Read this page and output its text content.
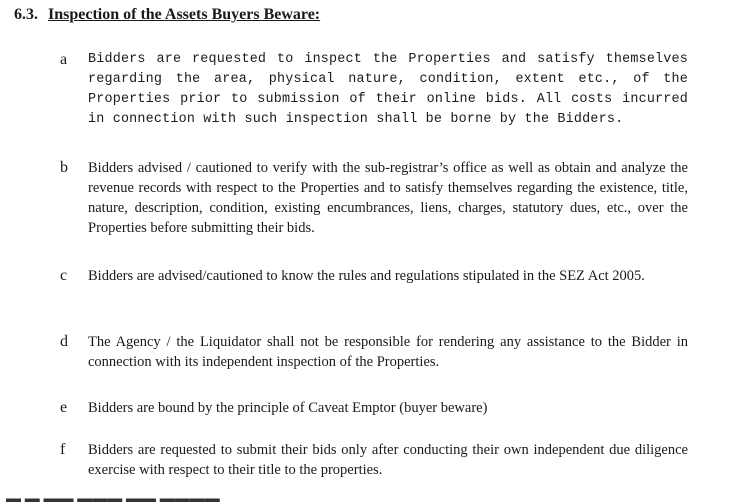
6.3. Inspection of the Assets Buyers Beware:
a Bidders are requested to inspect the Properties and satisfy themselves regarding the area, physical nature, condition, extent etc., of the Properties prior to submission of their online bids. All costs incurred in connection with such inspection shall be borne by the Bidders.
b Bidders advised / cautioned to verify with the sub-registrar’s office as well as obtain and analyze the revenue records with respect to the Properties and to satisfy themselves regarding the existence, title, nature, description, condition, existing encumbrances, liens, charges, statutory dues, etc., over the Properties before submitting their bids.
c Bidders are advised/cautioned to know the rules and regulations stipulated in the SEZ Act 2005.
d The Agency / the Liquidator shall not be responsible for rendering any assistance to the Bidder in connection with its independent inspection of the Properties.
e Bidders are bound by the principle of Caveat Emptor (buyer beware)
f Bidders are requested to submit their bids only after conducting their own independent due diligence exercise with respect to their title to the properties.
▬ ▬ ▬▬ ▬▬▬ ▬▬ ▬▬▬▬
